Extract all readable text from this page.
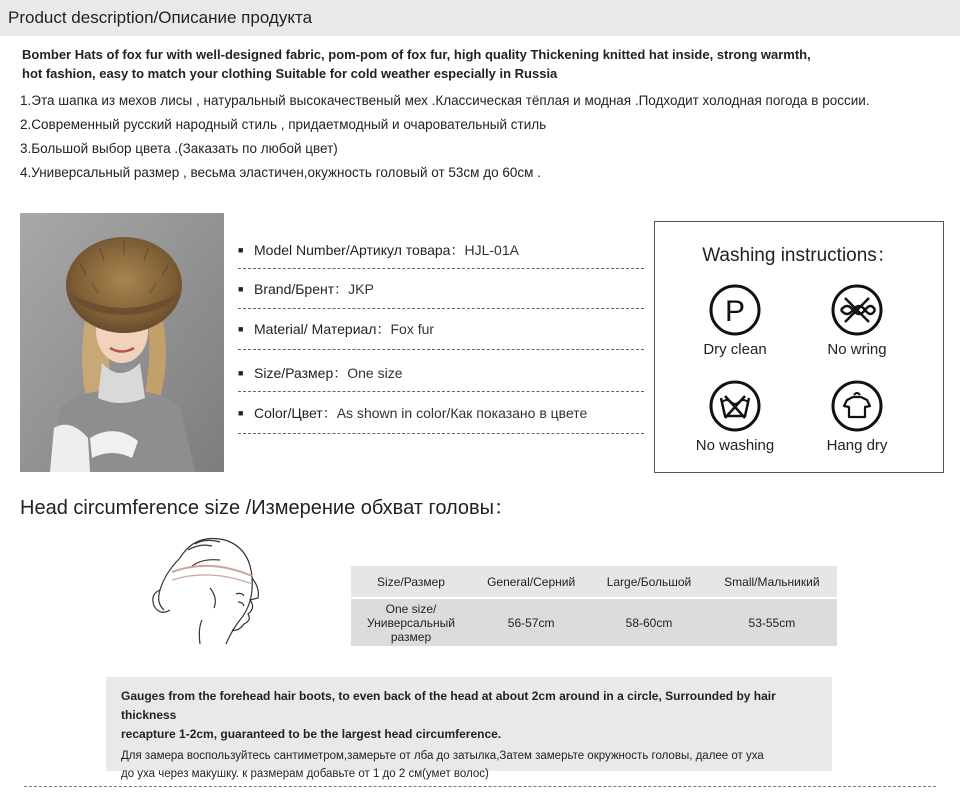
Product description/Описание продукта
Bomber Hats of fox fur with well-designed fabric, pom-pom of fox fur, high quality Thickening knitted hat inside, strong warmth,
hot fashion, easy to match your clothing Suitable for cold weather especially in Russia
1.Эта шапка из мехов лисы , натуральный высокачественый мех .Классическая тёплая и модная .Подходит холодная погода в россии.
2.Современный русский народный стиль , придаетмодный и очаровательный стиль
3.Большой выбор цвета .(Заказать по любой цвет)
4.Универсальный размер , весьма эластичен,окужность головый от 53см до 60см .
■ Model Number/Артикул товара： HJL-01A
■ Brand/Брент： JKP
■ Material/ Материал： Fox fur
■ Size/Размер： One size
■ Color/Цвет： As shown in color/Как показано в цвете
Washing instructions：
P
Dry clean	No wring
No washing	Hang dry
Head circumference size /Измерение обхват головы：
Size/Размер	General/Серний	Large/Большой	Small/Мальникий

One size/
Универсальный
размер	56-57cm	58-60cm	53-55cm
Gauges from the forehead hair boots, to even back of the head at about 2cm around in a circle, Surrounded by hair thickness
recapture 1-2cm, guaranteed to be the largest head circumference.
Для замера воспользуйтесь сантиметром,замерьте от лба до затылка,Затем замерьте окружность головы, далее от уха
до уха через макушку. к размерам добавьте от 1 до 2 см(умет волос)
